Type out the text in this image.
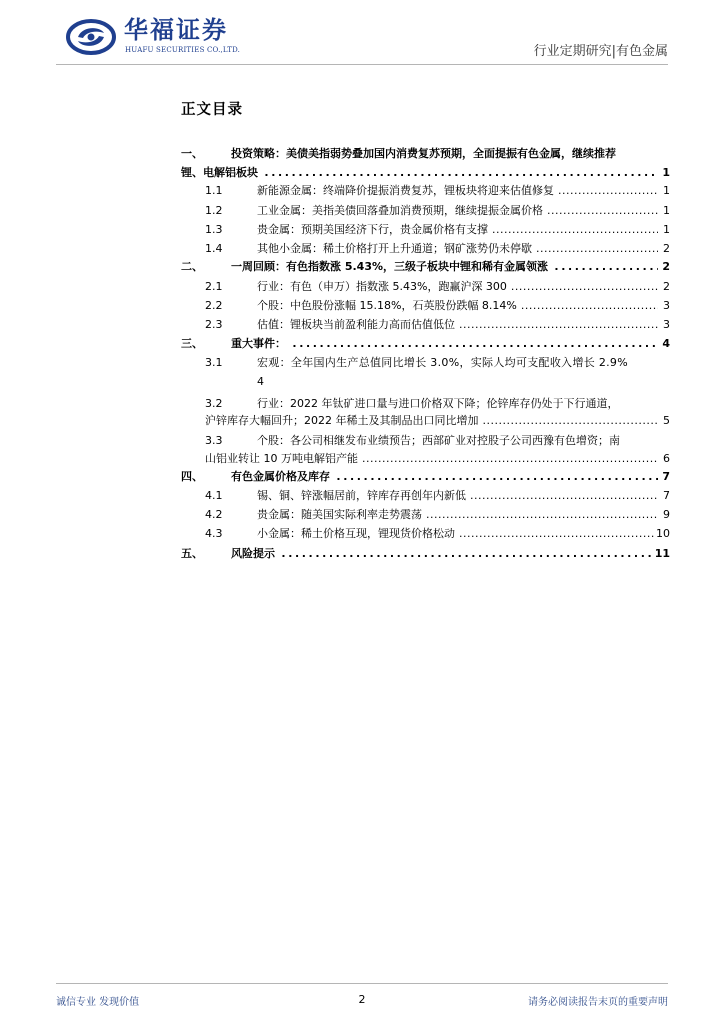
华福证券
HUAFU SECURITIES CO.,LTD.	行业定期研究|有色金属
正文目录
一、	投资策略：美债美指弱势叠加国内消费复苏预期，全面提振有色金属，继续推荐
锂、电解铝板块 .....	1
1.1	新能源金属：终端降价提振消费复苏，锂板块将迎来估值修复 .....	1
1.2	工业金属：美指美债回落叠加消费预期，继续提振金属价格 .....	1
1.3	贵金属：预期美国经济下行，贵金属价格有支撑 .....	1
1.4	其他小金属：稀土价格打开上升通道；钢矿涨势仍未停歇 .....	2
二、	一周回顾：有色指数涨 5.43%，三级子板块中锂和稀有金属领涨 .....	2
2.1	行业：有色（申万）指数涨 5.43%，跑赢沪深 300 .....	2
2.2	个股：中色股份涨幅 15.18%，石英股份跌幅 8.14% .....	3
2.3	估值：锂板块当前盈利能力高而估值低位 .....	3
三、	重大事件： .....	4
3.1	宏观：全年国内生产总值同比增长 3.0%，实际人均可支配收入增长 2.9%
4
3.2	行业：2022 年钛矿进口量与进口价格双下降；伦锌库存仍处于下行通道，
沪锌库存大幅回升；2022 年稀土及其制品出口同比增加 .....	5
3.3	个股：各公司相继发布业绩预告；西部矿业对控股子公司西豫有色增资；南
山铝业转让 10 万吨电解铝产能 .....	6
四、	有色金属价格及库存 .....	7
4.1	锡、铜、锌涨幅居前，锌库存再创年内新低 .....	7
4.2	贵金属：随美国实际利率走势震荡 .....	9
4.3	小金属：稀土价格互现，锂现货价格松动 .....	10
五、	风险提示 .....	11
诚信专业 发现价值	2	请务必阅读报告末页的重要声明
